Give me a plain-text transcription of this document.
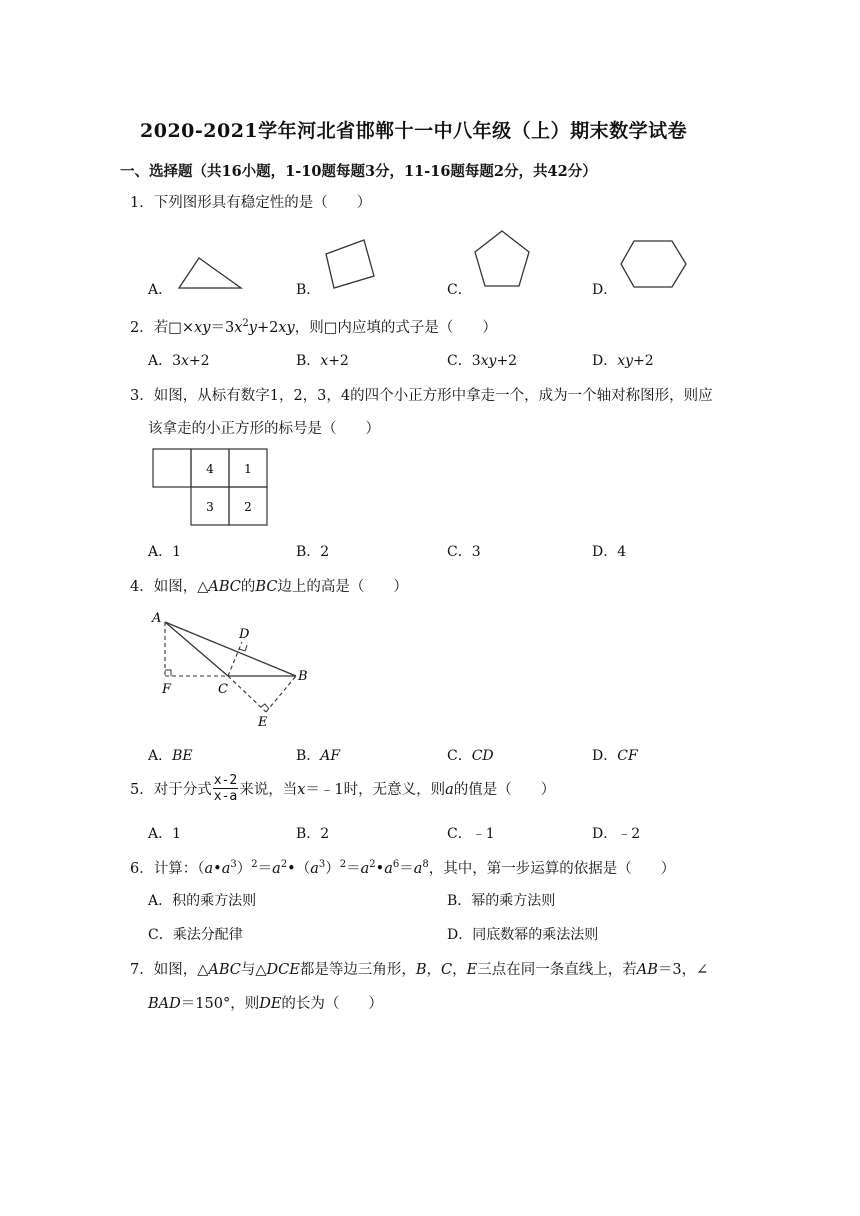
2020-2021学年河北省邯郸十一中八年级（上）期末数学试卷
一、选择题（共16小题，1-10题每题3分，11-16题每题2分，共42分）
1．下列图形具有稳定性的是（　　）
A．	B．	C．	D．
2．若$□\times xy=3x^2y+2xy$，则□内应填的式子是（　　）
A．3x+2	B．x+2	C．3xy+2	D．xy+2
3．如图，从标有数字1，2，3，4的四个小正方形中拿走一个，成为一个轴对称图形，则应
该拿走的小正方形的标号是（　　）
4	1
3	2
A．1	B．2	C．3	D．4
4．如图，△ABC的BC边上的高是（　　）
A
D
B
F	C
E
A．BE	B．AF	C．CD	D．CF
5．对于分式 $\frac{x-2}{x-a}$ 来说，当x＝﹣1时，无意义，则a的值是（　　）
A．1	B．2	C．﹣1	D．﹣2
6．计算：$(a•a^3)^2=a^2•(a^3)^2=a^2•a^6=a^8$，其中，第一步运算的依据是（　　）
A．积的乘方法则	B．幂的乘方法则
C．乘法分配律	D．同底数幂的乘法法则
7．如图，△ABC与△DCE都是等边三角形，B，C，E三点在同一条直线上，若AB＝3，∠
BAD＝150°，则DE的长为（　　）
